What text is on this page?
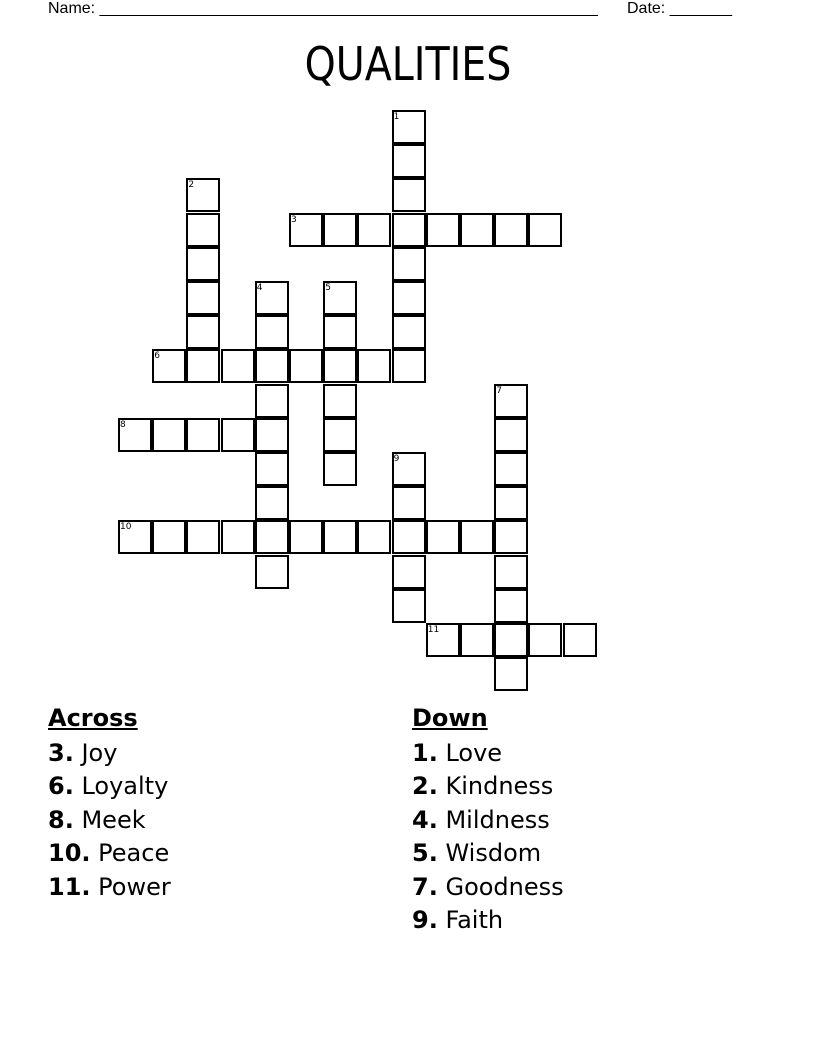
Name: ________________________________________________________ Date: _______
QUALITIES
1
2
3
4	5
6
7
8
9
10
11
Across
3. Joy
6. Loyalty
8. Meek
10. Peace
11. Power
Down
1. Love
2. Kindness
4. Mildness
5. Wisdom
7. Goodness
9. Faith
